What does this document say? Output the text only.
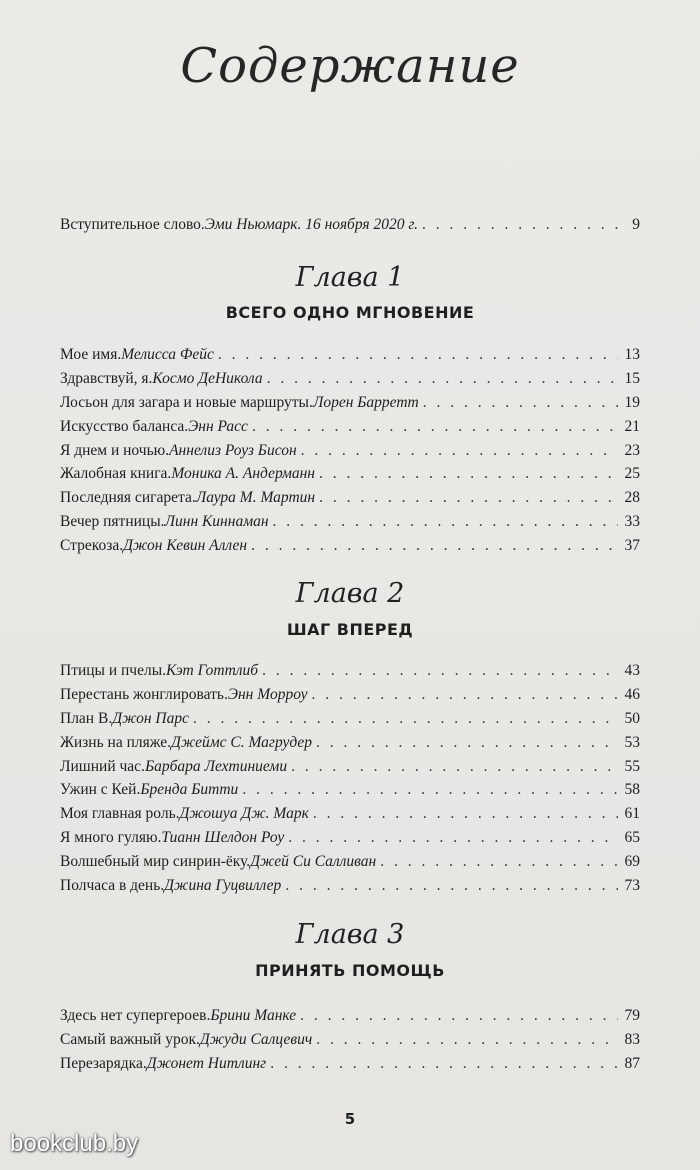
Содержание
Вступительное слово. Эми Ньюмарк. 16 ноября 2020 г. . . .	9
Глава 1
ВСЕГО ОДНО МГНОВЕНИЕ
Мое имя. Мелисса Фейс . . .	13
Здравствуй, я. Космо ДеНикола . . .	15
Лосьон для загара и новые маршруты. Лорен Барретт . . .	19
Искусство баланса. Энн Расс . . .	21
Я днем и ночью. Аннелиз Роуз Бисон . . .	23
Жалобная книга. Моника А. Андерманн . . .	25
Последняя сигарета. Лаура М. Мартин . . .	28
Вечер пятницы. Линн Киннаман . . .	33
Стрекоза. Джон Кевин Аллен . . .	37
Глава 2
ШАГ ВПЕРЕД
Птицы и пчелы. Кэт Готтлиб . . .	43
Перестань жонглировать. Энн Морроу . . .	46
План В. Джон Парс . . .	50
Жизнь на пляже. Джеймс С. Магрудер . . .	53
Лишний час. Барбара Лехтиниеми . . .	55
Ужин с Кей. Бренда Битти . . .	58
Моя главная роль. Джошуа Дж. Марк . . .	61
Я много гуляю. Тианн Шелдон Роу . . .	65
Волшебный мир синрин-ёку. Джей Си Салливан . . .	69
Полчаса в день. Джина Гуцвиллер . . .	73
Глава 3
ПРИНЯТЬ ПОМОЩЬ
Здесь нет супергероев. Брини Манке . . .	79
Самый важный урок. Джуди Салцевич . . .	83
Перезарядка. Джонет Нитлинг . . .	87
5
bookclub.by
